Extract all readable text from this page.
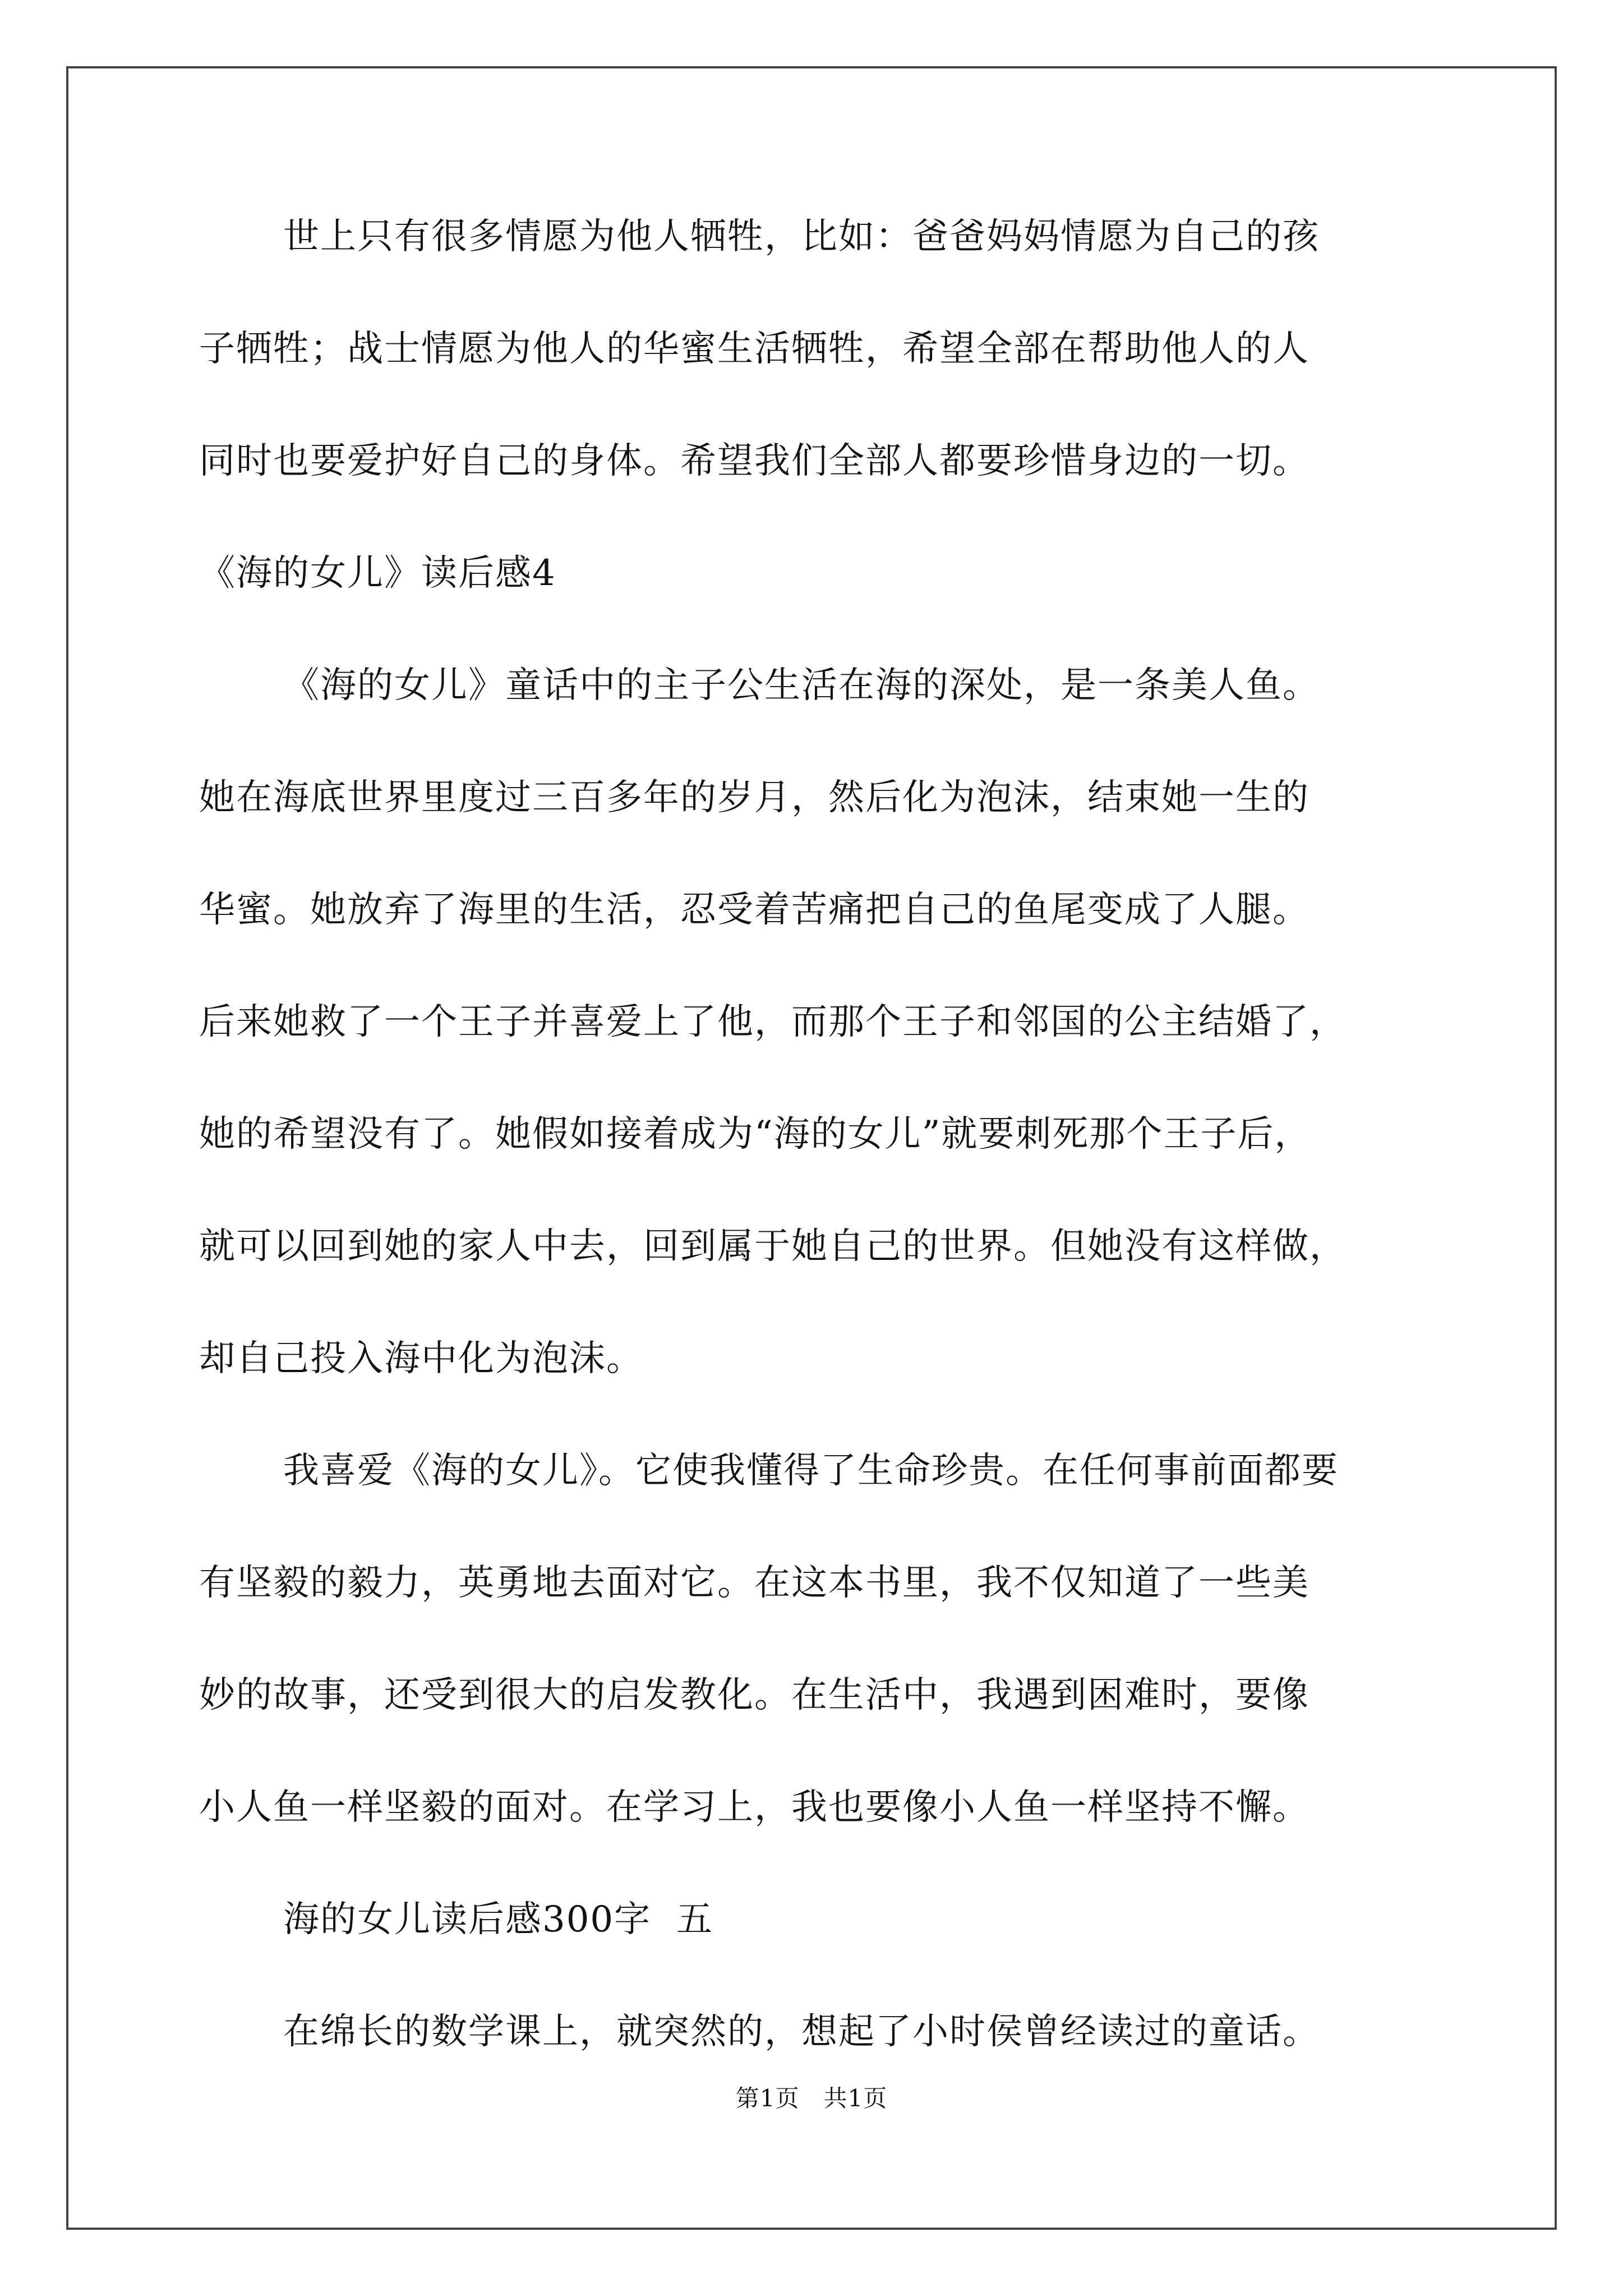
世上只有很多情愿为他人牺牲，比如：爸爸妈妈情愿为自己的孩
子牺牲；战士情愿为他人的华蜜生活牺牲，希望全部在帮助他人的人
同时也要爱护好自己的身体。希望我们全部人都要珍惜身边的一切。
《海的女儿》读后感4
《海的女儿》童话中的主子公生活在海的深处，是一条美人鱼。
她在海底世界里度过三百多年的岁月，然后化为泡沫，结束她一生的
华蜜。她放弃了海里的生活，忍受着苦痛把自己的鱼尾变成了人腿。
后来她救了一个王子并喜爱上了他，而那个王子和邻国的公主结婚了，
她的希望没有了。她假如接着成为“海的女儿”就要刺死那个王子后，
就可以回到她的家人中去，回到属于她自己的世界。但她没有这样做，
却自己投入海中化为泡沫。
我喜爱《海的女儿》。它使我懂得了生命珍贵。在任何事前面都要
有坚毅的毅力，英勇地去面对它。在这本书里，我不仅知道了一些美
妙的故事，还受到很大的启发教化。在生活中，我遇到困难时，要像
小人鱼一样坚毅的面对。在学习上，我也要像小人鱼一样坚持不懈。
海的女儿读后感300字  五
在绵长的数学课上，就突然的，想起了小时侯曾经读过的童话。
第1页   共1页
